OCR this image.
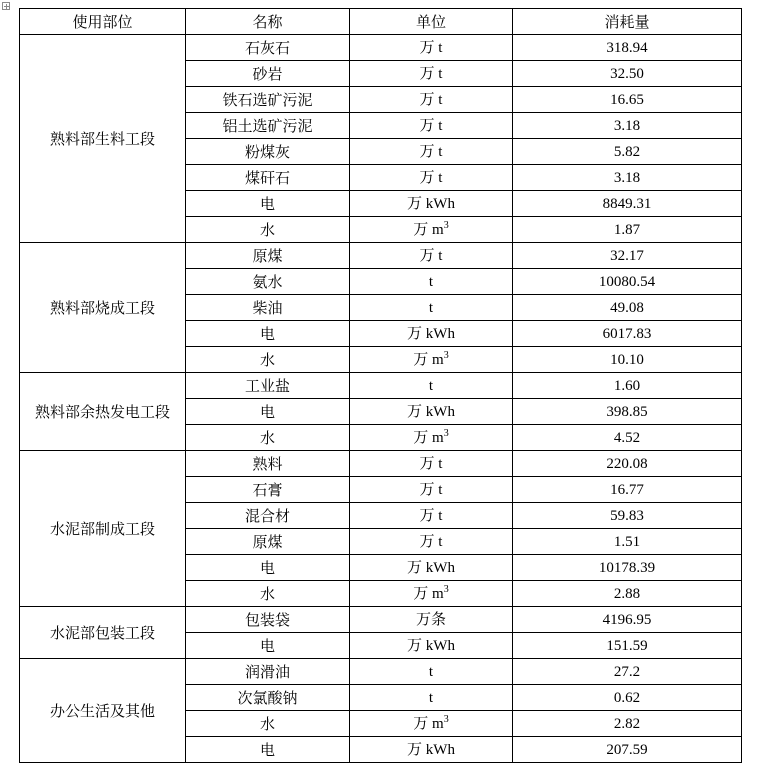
使用部位	名称	单位	消耗量
熟料部生料工段	石灰石	万 t	318.94
	砂岩	万 t	32.50
	铁石选矿污泥	万 t	16.65
	铝土选矿污泥	万 t	3.18
	粉煤灰	万 t	5.82
	煤矸石	万 t	3.18
	电	万 kWh	8849.31
	水	万 $m^3$	1.87
熟料部烧成工段	原煤	万 t	32.17
	氨水	t	10080.54
	柴油	t	49.08
	电	万 kWh	6017.83
	水	万 $m^3$	10.10
熟料部余热发电工段	工业盐	t	1.60
	电	万 kWh	398.85
	水	万 $m^3$	4.52
水泥部制成工段	熟料	万 t	220.08
	石膏	万 t	16.77
	混合材	万 t	59.83
	原煤	万 t	1.51
	电	万 kWh	10178.39
	水	万 $m^3$	2.88
水泥部包装工段	包装袋	万条	4196.95
	电	万 kWh	151.59
办公生活及其他	润滑油	t	27.2
	次氯酸钠	t	0.62
	水	万 $m^3$	2.82
	电	万 kWh	207.59
